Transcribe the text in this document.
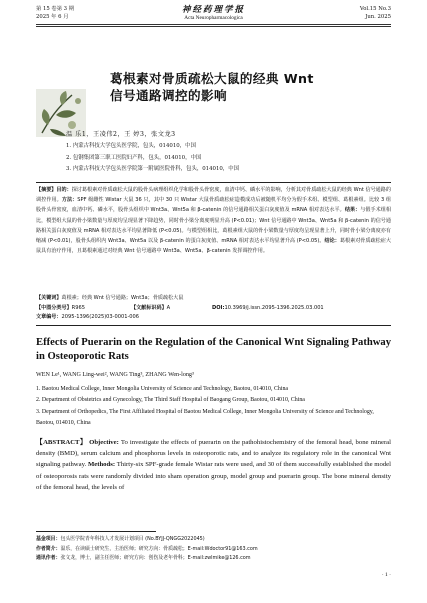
第 15 卷第 3 期
2025 年 6 月
神经药理学报
Acta Neuropharmacologica
Vol.15 No.3
Jun. 2025
葛根素对骨质疏松大鼠的经典 Wnt
信号通路调控的影响
温 乐1，王凌伟2，王 婷3，张文龙3
1. 内蒙古科技大学包头医学院，包头，014010，中国
2. 包钢集团第三职工医院妇产科，包头，014010，中国
3. 内蒙古科技大学包头医学院第一附属医院骨科，包头，014010，中国
【摘要】目的：探讨葛根素对骨质疏松大鼠的股骨头病理组织化学和股骨头骨密度，血清中钙、磷水平的影响，分析其对骨质疏松大鼠的经典 Wnt 信号通路的调控作用。方法：SPF 级雌性 Wistar 大鼠 36 只，其中 30 只 Wistar 大鼠骨质疏松症造模成功后被随机平均分为假手术组、模型组、葛根素组。比较 3 组股骨头骨密度，血清中钙、磷水平，股骨头组织中 Wnt3a、Wnt5a 和 β-catenin 的信号通路相关蛋白灰度值及 mRNA 相对表达水平。结果：与假手术组相比，模型组大鼠的骨小梁数量与厚度均呈现显著下降趋势，同时骨小梁分离度明显升高 (P<0.01)；Wnt 信号通路中 Wnt3a、Wnt5a 和 β-catenin 的信号通路相关蛋白灰度值及 mRNA 相对表达水平均显著降低 (P<0.05)。与模型组相比，葛根素组大鼠的骨小梁数量与厚度均呈现显著上升，同时骨小梁分离度亦有缩减 (P<0.01)，股骨头组织内 Wnt3a、Wnt5a 以及 β-catenin 的蛋白灰度值、mRNA 相对表达水平均显著升高 (P<0.05)。结论：葛根素对骨质疏松症大鼠具有治疗作用，且葛根素通过对经典 Wnt 信号通路中 Wnt3a、Wnt5a、β-catenin 发挥调控作用。
【关键词】葛根素；经典 Wnt 信号通路；Wnt3a；骨质疏松大鼠
【中图分类号】 R965	【文献标识码】 A	DOI: 10.3969/j.issn.2095-1396.2025.03.001
文章编号：2095-1396(2025)03-0001-006
Effects of Puerarin on the Regulation of the Canonical Wnt Signaling Pathway in Osteoporotic Rats
WEN Le¹, WANG Ling-wei², WANG Ting³, ZHANG Wen-long³
1. Baotou Medical College, Inner Mongolia University of Science and Technology, Baotou, 014010, China
2. Department of Obstetrics and Gynecology, The Third Staff Hospital of Baogang Group, Baotou, 014010, China
3. Department of Orthopedics, The First Affiliated Hospital of Baotou Medical College, Inner Mongolia University of Science and Technology, Baotou, 014010, China
【ABSTRACT】 Objective: To investigate the effects of puerarin on the pathohistochemistry of the femoral head, bone mineral density (BMD), serum calcium and phosphorus levels in osteoporotic rats, and to analyze its regulatory role in the canonical Wnt signaling pathway. Methods: Thirty-six SPF-grade female Wistar rats were used, and 30 of them successfully established the model of osteoporosis rats were randomly divided into sham operation group, model group and puerarin group. The bone mineral density of the femoral head, the levels of
基金项目：包头医学院青年科技人才发展计划项目 (No.BYJJ-QNGG2022045)
作者简介：温乐，在读硕士研究生，主治医师；研究方向：骨质疏松；E-mail:Wdoctor91@163.com
通讯作者：张文龙，博士，副主任医师；研究方向：创伤及老年骨科；E-mail:zwlmike@126.com
· 1 ·
